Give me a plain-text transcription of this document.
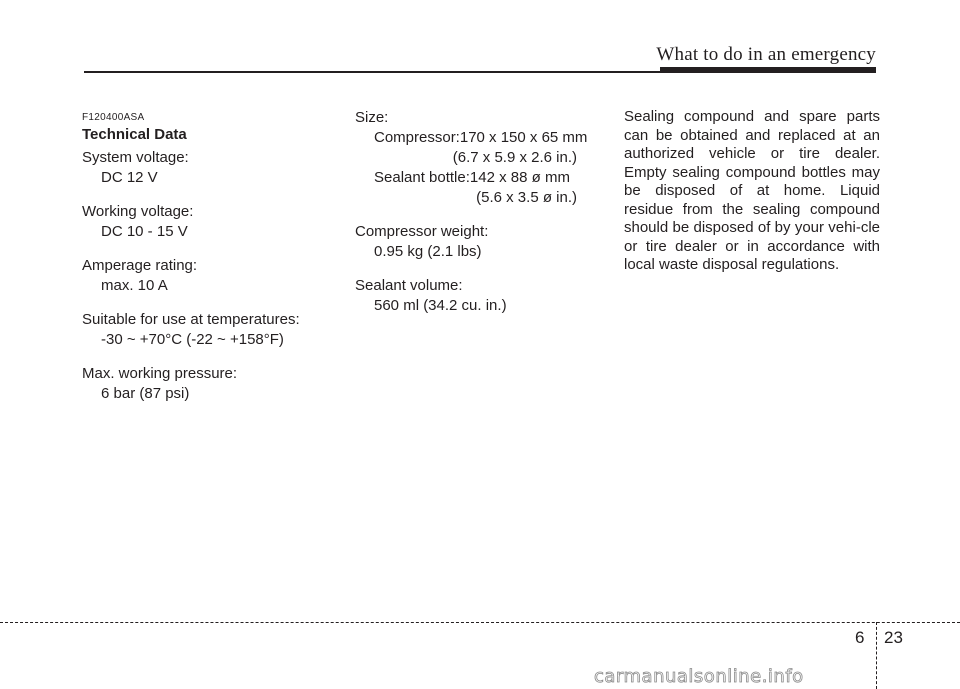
What to do in an emergency
F120400ASA
Technical Data
System voltage:
DC 12 V
Working voltage:
DC 10 - 15 V
Amperage rating:
max. 10 A
Suitable for use at temperatures:
-30 ~ +70°C (-22 ~ +158°F)
Max. working pressure:
6 bar (87 psi)
Size:
Compressor:170 x 150 x 65 mm
(6.7 x 5.9 x 2.6 in.)
Sealant bottle:142 x 88 ø mm
(5.6 x 3.5 ø in.)
Compressor weight:
0.95 kg (2.1 lbs)
Sealant volume:
560 ml (34.2 cu. in.)

Sealing compound and spare parts can be obtained and replaced at an authorized vehicle or tire dealer. Empty sealing compound bottles may be disposed of at home. Liquid residue from the sealing compound should be disposed of by your vehi-cle or tire dealer or in accordance with local waste disposal regulations.

6 23
carmanualsonline.info
